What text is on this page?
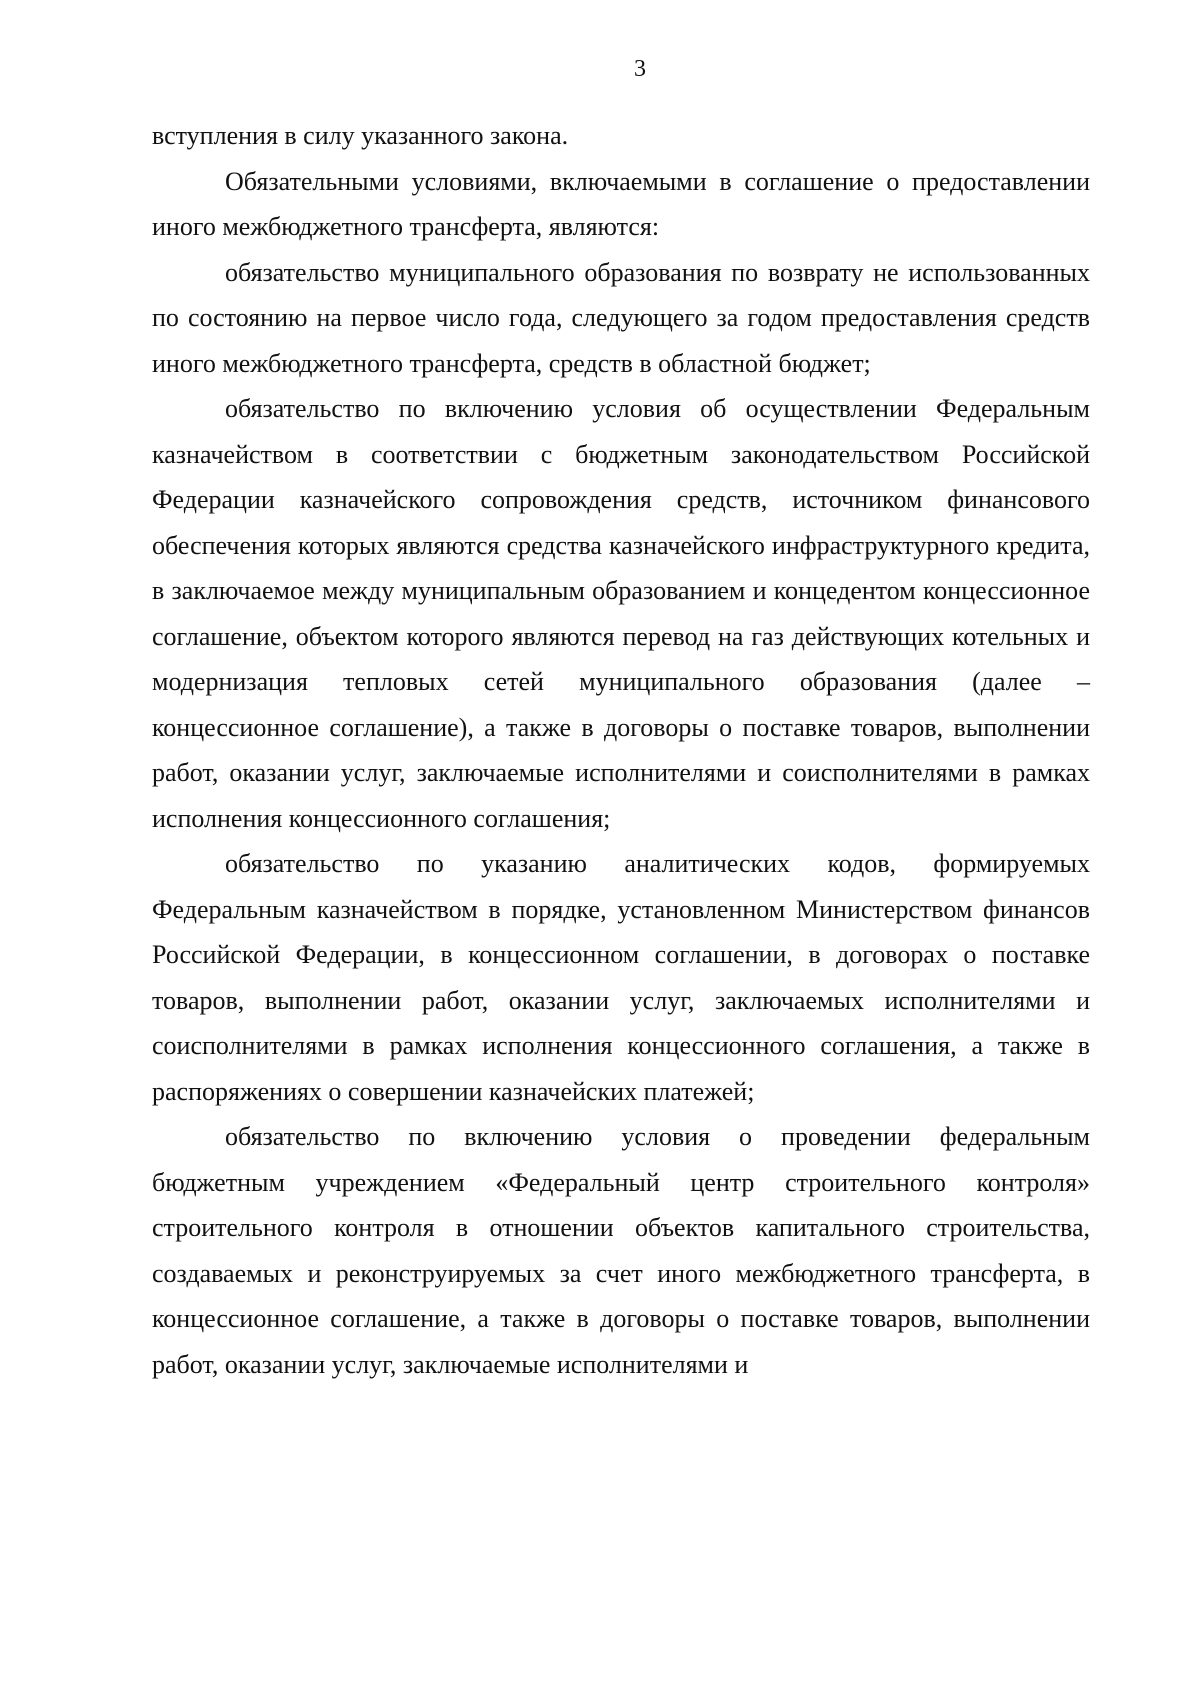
3

вступления в силу указанного закона.

Обязательными условиями, включаемыми в соглашение о предоставлении иного межбюджетного трансферта, являются:

обязательство муниципального образования по возврату не использованных по состоянию на первое число года, следующего за годом предоставления средств иного межбюджетного трансферта, средств в областной бюджет;

обязательство по включению условия об осуществлении Федеральным казначейством в соответствии с бюджетным законодательством Российской Федерации казначейского сопровождения средств, источником финансового обеспечения которых являются средства казначейского инфраструктурного кредита, в заключаемое между муниципальным образованием и концедентом концессионное соглашение, объектом которого являются перевод на газ действующих котельных и модернизация тепловых сетей муниципального образования (далее – концессионное соглашение), а также в договоры о поставке товаров, выполнении работ, оказании услуг, заключаемые исполнителями и соисполнителями в рамках исполнения концессионного соглашения;

обязательство по указанию аналитических кодов, формируемых Федеральным казначейством в порядке, установленном Министерством финансов Российской Федерации, в концессионном соглашении, в договорах о поставке товаров, выполнении работ, оказании услуг, заключаемых исполнителями и соисполнителями в рамках исполнения концессионного соглашения, а также в распоряжениях о совершении казначейских платежей;

обязательство по включению условия о проведении федеральным бюджетным учреждением «Федеральный центр строительного контроля» строительного контроля в отношении объектов капитального строительства, создаваемых и реконструируемых за счет иного межбюджетного трансферта, в концессионное соглашение, а также в договоры о поставке товаров, выполнении работ, оказании услуг, заключаемые исполнителями и
